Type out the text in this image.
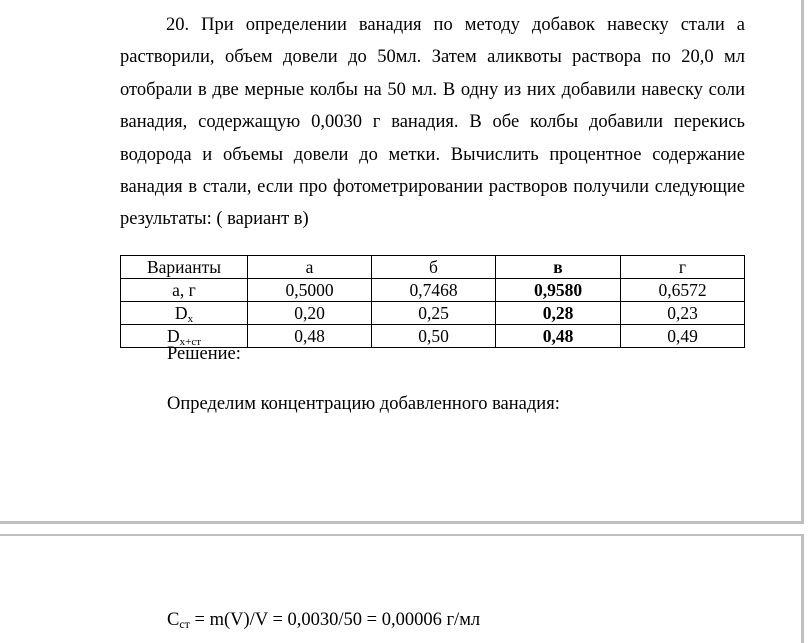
20. При определении ванадия по методу добавок навеску стали а растворили, объем довели до 50мл. Затем аликвоты раствора по 20,0 мл отобрали в две мерные колбы на 50 мл. В одну из них добавили навеску соли ванадия, содержащую 0,0030 г ванадия. В обе колбы добавили перекись водорода и объемы довели до метки. Вычислить процентное содержание ванадия в стали, если про фотометрировании растворов получили следующие результаты: ( вариант в)

Варианты	а	б	в	г
а, г	0,5000	0,7468	0,9580	0,6572
$D_x$	0,20	0,25	0,28	0,23
$D_{x+ст}$	0,48	0,50	0,48	0,49

Решение:

Определим концентрацию добавленного ванадия:

$C_{ст} = m(V)/V = 0,0030/50 = 0,00006$ г/мл
